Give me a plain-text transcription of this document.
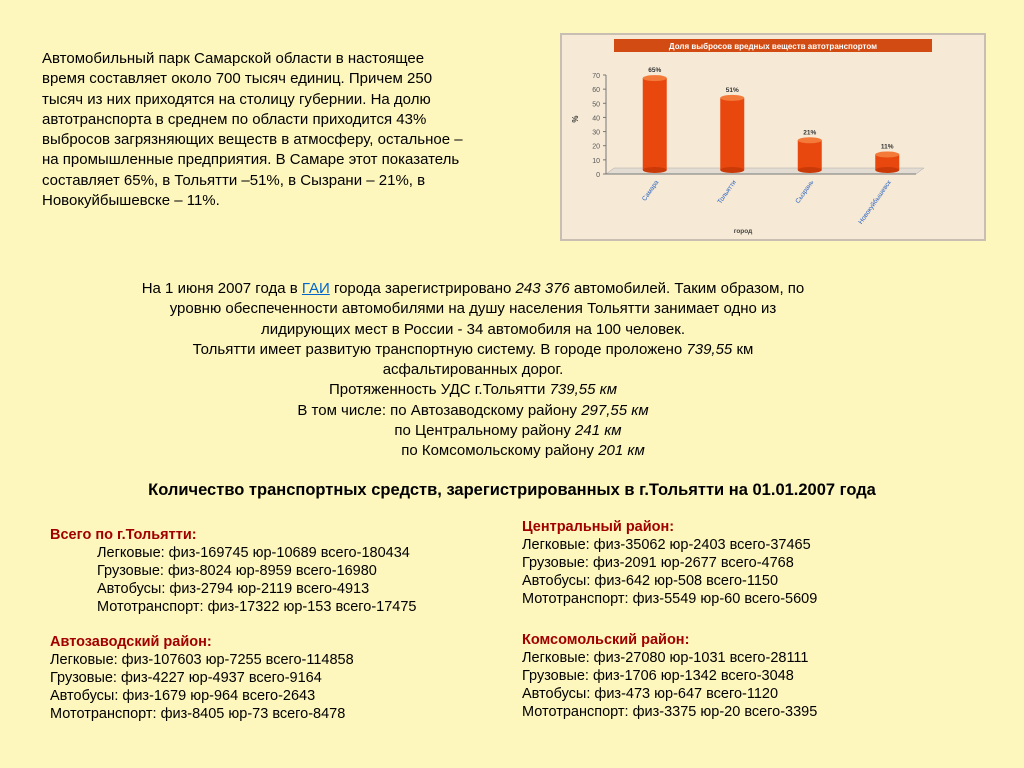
Автомобильный парк Самарской области в настоящее
время составляет около 700 тысяч единиц. Причем 250
тысяч из них приходятся на столицу губернии. На долю
автотранспорта в среднем по области приходится 43%
выбросов загрязняющих веществ в атмосферу, остальное –
на промышленные предприятия. В Самаре этот показатель
составляет 65%, в Тольятти –51%, в Сызрани – 21%, в
Новокуйбышевске – 11%.
Доля выбросов вредных веществ автотранспортом
0
10
20
30
40
50
60
70
%
65%
Самара
51%
Тольятти
21%
Сызрань
11%
Новокуйбышевск
город
На 1 июня 2007 года в ГАИ города зарегистрировано 243 376 автомобилей. Таким образом, по
уровню обеспеченности автомобилями на душу населения Тольятти занимает одно из
лидирующих мест в России - 34 автомобиля на 100 человек.
Тольятти имеет развитую транспортную систему. В городе проложено 739,55 км
асфальтированных дорог.
Протяженность УДС г.Тольятти 739,55 км
В том числе: по Автозаводскому району 297,55 км
по Центральному району 241 км
по Комсомольскому району 201 км
Количество транспортных средств, зарегистрированных в г.Тольятти на 01.01.2007 года
Всего по г.Тольятти:
Легковые: физ-169745 юр-10689 всего-180434
Грузовые: физ-8024 юр-8959 всего-16980
Автобусы: физ-2794 юр-2119 всего-4913
Мототранспорт: физ-17322 юр-153 всего-17475
Автозаводский район:
Легковые: физ-107603 юр-7255 всего-114858
Грузовые: физ-4227 юр-4937 всего-9164
Автобусы: физ-1679 юр-964 всего-2643
Мототранспорт: физ-8405 юр-73 всего-8478
Центральный район:
Легковые: физ-35062 юр-2403 всего-37465
Грузовые: физ-2091 юр-2677 всего-4768
Автобусы: физ-642 юр-508 всего-1150
Мототранспорт: физ-5549 юр-60 всего-5609
Комсомольский район:
Легковые: физ-27080 юр-1031 всего-28111
Грузовые: физ-1706 юр-1342 всего-3048
Автобусы: физ-473 юр-647 всего-1120
Мототранспорт: физ-3375 юр-20 всего-3395
